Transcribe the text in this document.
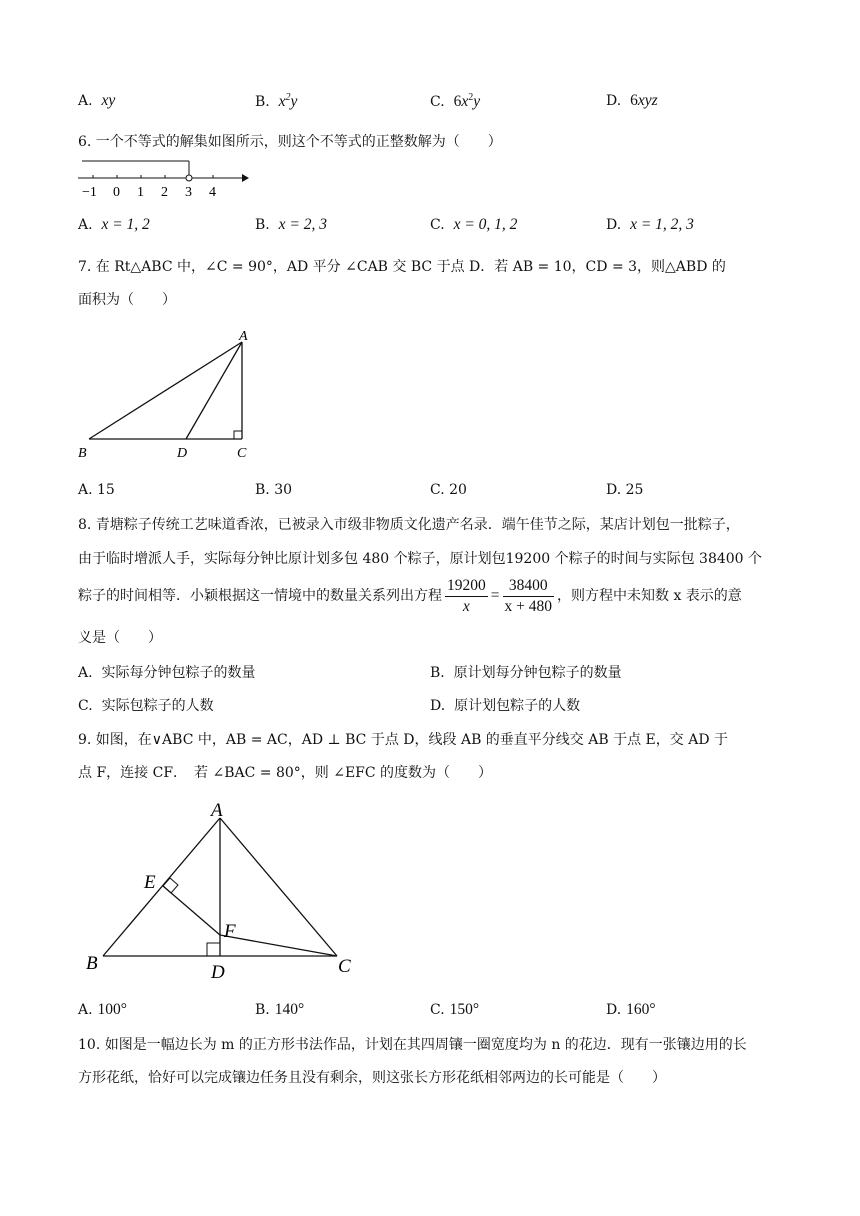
A. xy	B. $x^2y$	C. $6x^2y$	D. 6xyz
6. 一个不等式的解集如图所示，则这个不等式的正整数解为（　　）
−1 0 1 2 3 4
A. x = 1, 2	B. x = 2, 3	C. x = 0, 1, 2	D. x = 1, 2, 3
7. 在 Rt△ABC 中，∠C = 90°，AD 平分 ∠CAB 交 BC 于点 D．若 AB = 10，CD = 3，则△ABD 的
面积为（　　）
A
B	D	C
A. 15	B. 30	C. 20	D. 25
8. 青塘粽子传统工艺味道香浓，已被录入市级非物质文化遗产名录．端午佳节之际，某店计划包一批粽子，
由于临时增派人手，实际每分钟比原计划多包 480 个粽子，原计划包19200 个粽子的时间与实际包 38400 个
粽子的时间相等．小颖根据这一情境中的数量关系列出方程 $\frac{19200}{x} = \frac{38400}{x + 480}$ ，则方程中未知数 x 表示的意
义是（　　）
A. 实际每分钟包粽子的数量	B. 原计划每分钟包粽子的数量
C. 实际包粽子的人数	D. 原计划包粽子的人数
9. 如图，在∨ABC 中，AB = AC，AD ⊥ BC 于点 D，线段 AB 的垂直平分线交 AB 于点 E，交 AD 于
点 F，连接 CF．　若 ∠BAC = 80°，则 ∠EFC 的度数为（　　）
A
E
F
B	D	C
A. 100°	B. 140°	C. 150°	D. 160°
10. 如图是一幅边长为 m 的正方形书法作品，计划在其四周镶一圈宽度均为 n 的花边．现有一张镶边用的长
方形花纸，恰好可以完成镶边任务且没有剩余，则这张长方形花纸相邻两边的长可能是（　　）
